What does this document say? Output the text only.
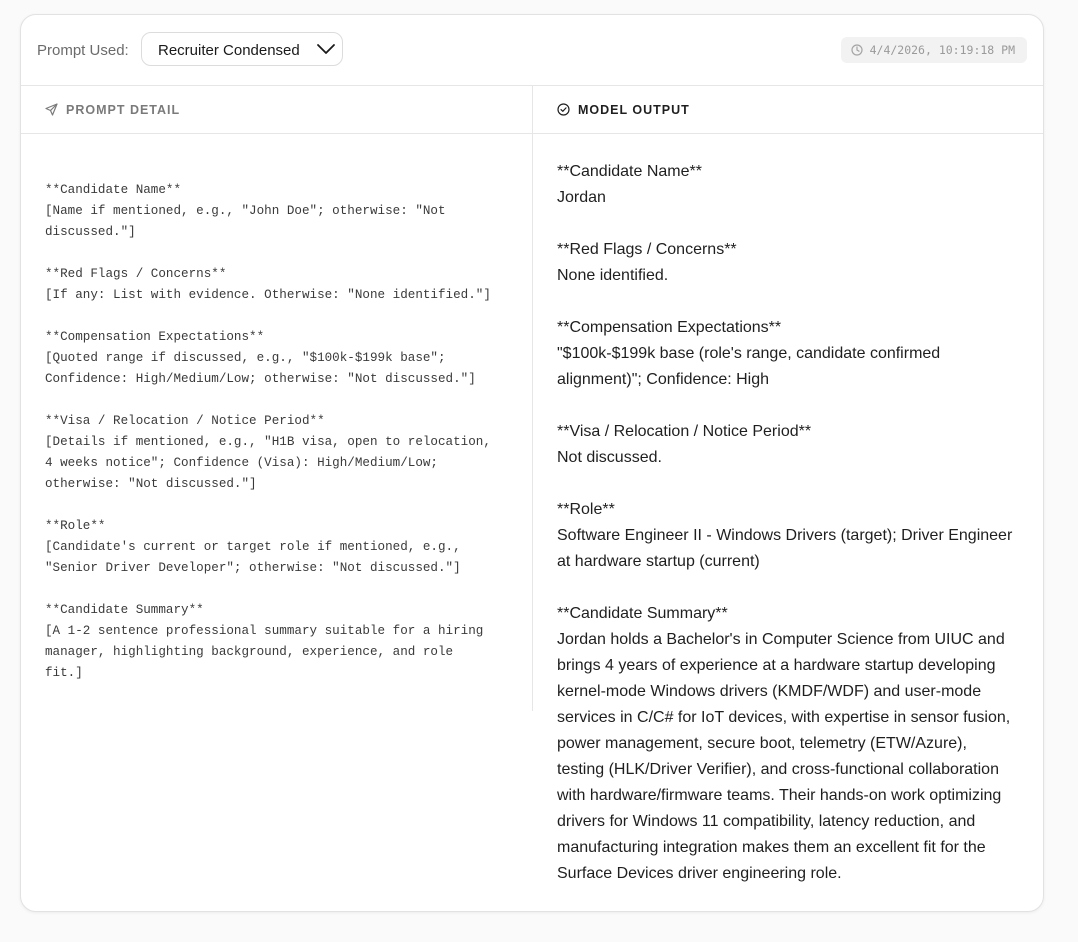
Prompt Used: Recruiter Condensed	4/4/2026, 10:19:18 PM
PROMPT DETAIL	MODEL OUTPUT
**Candidate Name**
[Name if mentioned, e.g., "John Doe"; otherwise: "Not
discussed."]

**Red Flags / Concerns**
[If any: List with evidence. Otherwise: "None identified."]

**Compensation Expectations**
[Quoted range if discussed, e.g., "$100k-$199k base";
Confidence: High/Medium/Low; otherwise: "Not discussed."]

**Visa / Relocation / Notice Period**
[Details if mentioned, e.g., "H1B visa, open to relocation,
4 weeks notice"; Confidence (Visa): High/Medium/Low;
otherwise: "Not discussed."]

**Role**
[Candidate's current or target role if mentioned, e.g.,
"Senior Driver Developer"; otherwise: "Not discussed."]

**Candidate Summary**
[A 1-2 sentence professional summary suitable for a hiring
manager, highlighting background, experience, and role
fit.]
**Candidate Name**
Jordan

**Red Flags / Concerns**
None identified.

**Compensation Expectations**
"$100k-$199k base (role's range, candidate confirmed
alignment)"; Confidence: High

**Visa / Relocation / Notice Period**
Not discussed.

**Role**
Software Engineer II - Windows Drivers (target); Driver Engineer
at hardware startup (current)

**Candidate Summary**
Jordan holds a Bachelor's in Computer Science from UIUC and
brings 4 years of experience at a hardware startup developing
kernel-mode Windows drivers (KMDF/WDF) and user-mode
services in C/C# for IoT devices, with expertise in sensor fusion,
power management, secure boot, telemetry (ETW/Azure),
testing (HLK/Driver Verifier), and cross-functional collaboration
with hardware/firmware teams. Their hands-on work optimizing
drivers for Windows 11 compatibility, latency reduction, and
manufacturing integration makes them an excellent fit for the
Surface Devices driver engineering role.
